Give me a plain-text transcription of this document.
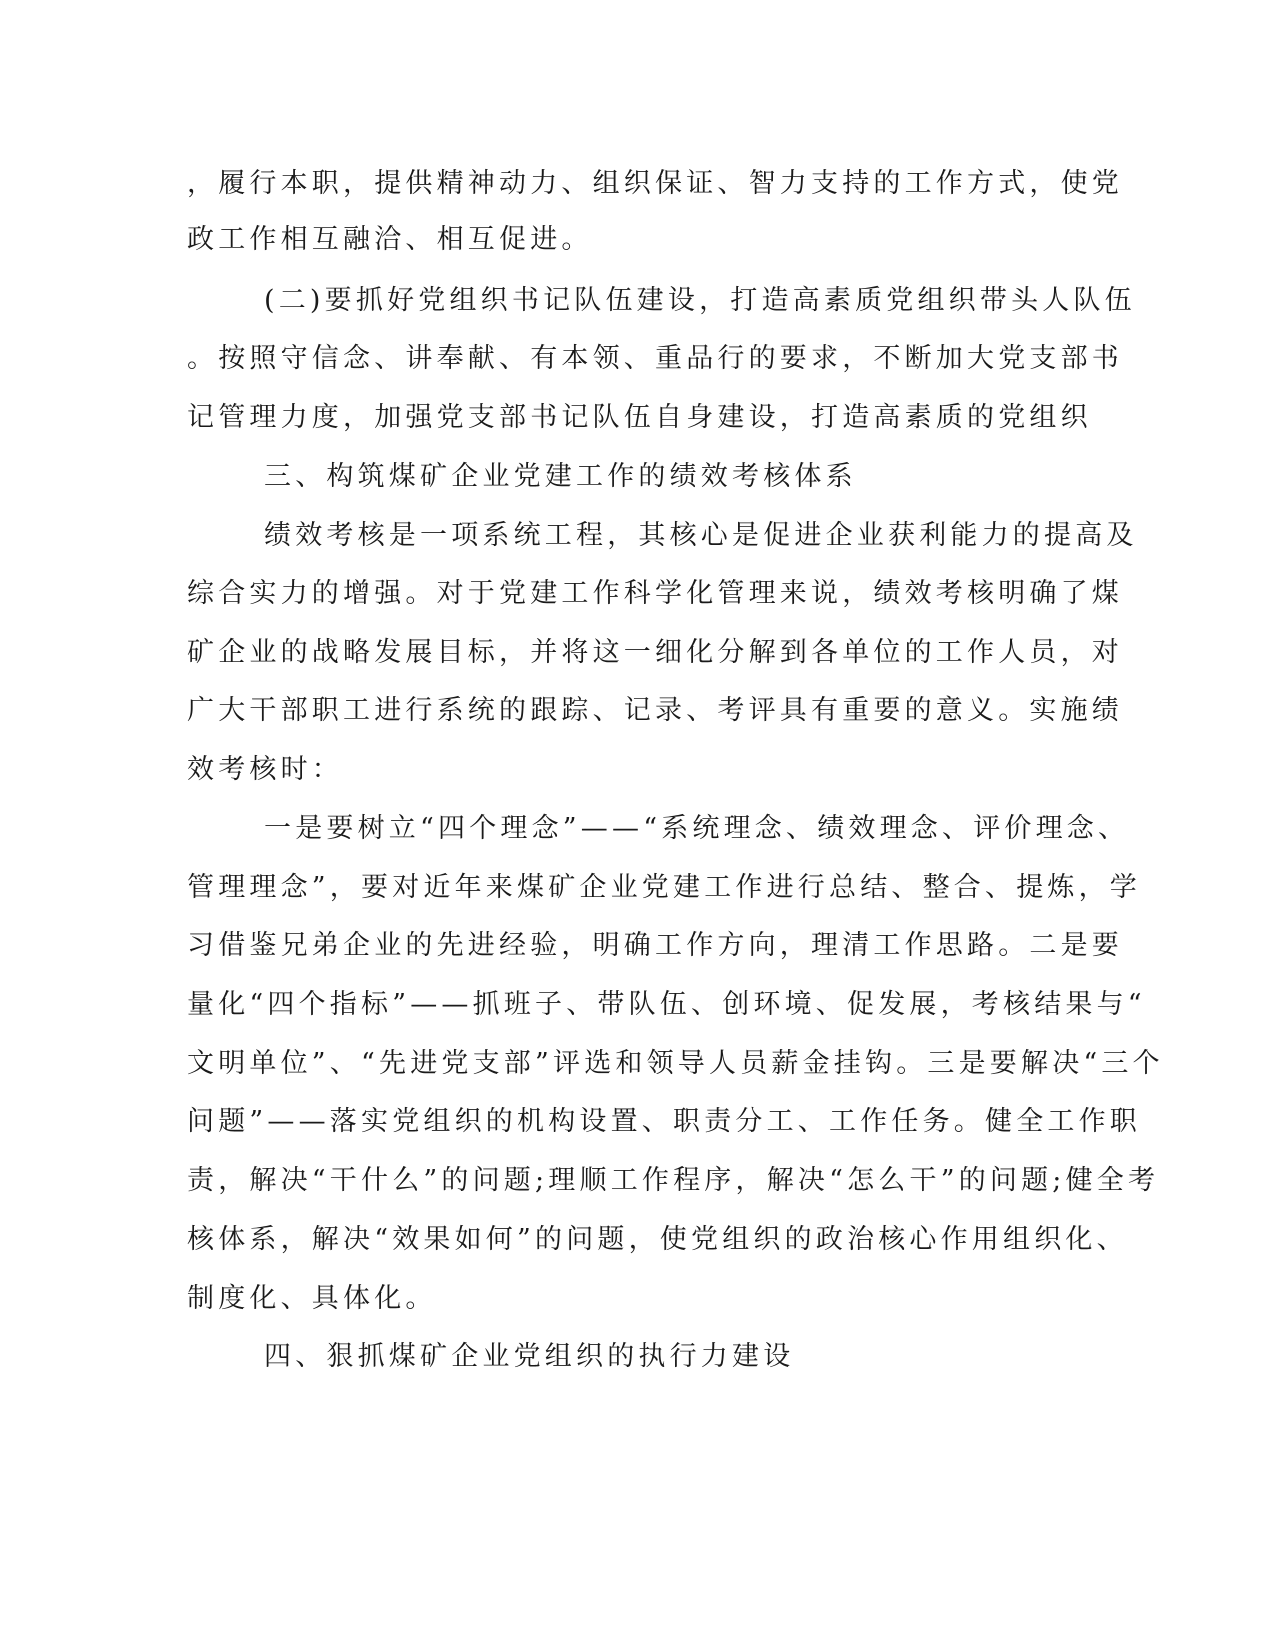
，履行本职，提供精神动力、组织保证、智力支持的工作方式，使党
政工作相互融洽、相互促进。
(二)要抓好党组织书记队伍建设，打造高素质党组织带头人队伍
。按照守信念、讲奉献、有本领、重品行的要求，不断加大党支部书
记管理力度，加强党支部书记队伍自身建设，打造高素质的党组织
三、构筑煤矿企业党建工作的绩效考核体系
绩效考核是一项系统工程，其核心是促进企业获利能力的提高及
综合实力的增强。对于党建工作科学化管理来说，绩效考核明确了煤
矿企业的战略发展目标，并将这一细化分解到各单位的工作人员，对
广大干部职工进行系统的跟踪、记录、考评具有重要的意义。实施绩
效考核时：
一是要树立“四个理念”——“系统理念、绩效理念、评价理念、
管理理念”，要对近年来煤矿企业党建工作进行总结、整合、提炼，学
习借鉴兄弟企业的先进经验，明确工作方向，理清工作思路。二是要
量化“四个指标”——抓班子、带队伍、创环境、促发展，考核结果与“
文明单位”、“先进党支部”评选和领导人员薪金挂钩。三是要解决“三个
问题”——落实党组织的机构设置、职责分工、工作任务。健全工作职
责，解决“干什么”的问题;理顺工作程序，解决“怎么干”的问题;健全考
核体系，解决“效果如何”的问题，使党组织的政治核心作用组织化、
制度化、具体化。
四、狠抓煤矿企业党组织的执行力建设
